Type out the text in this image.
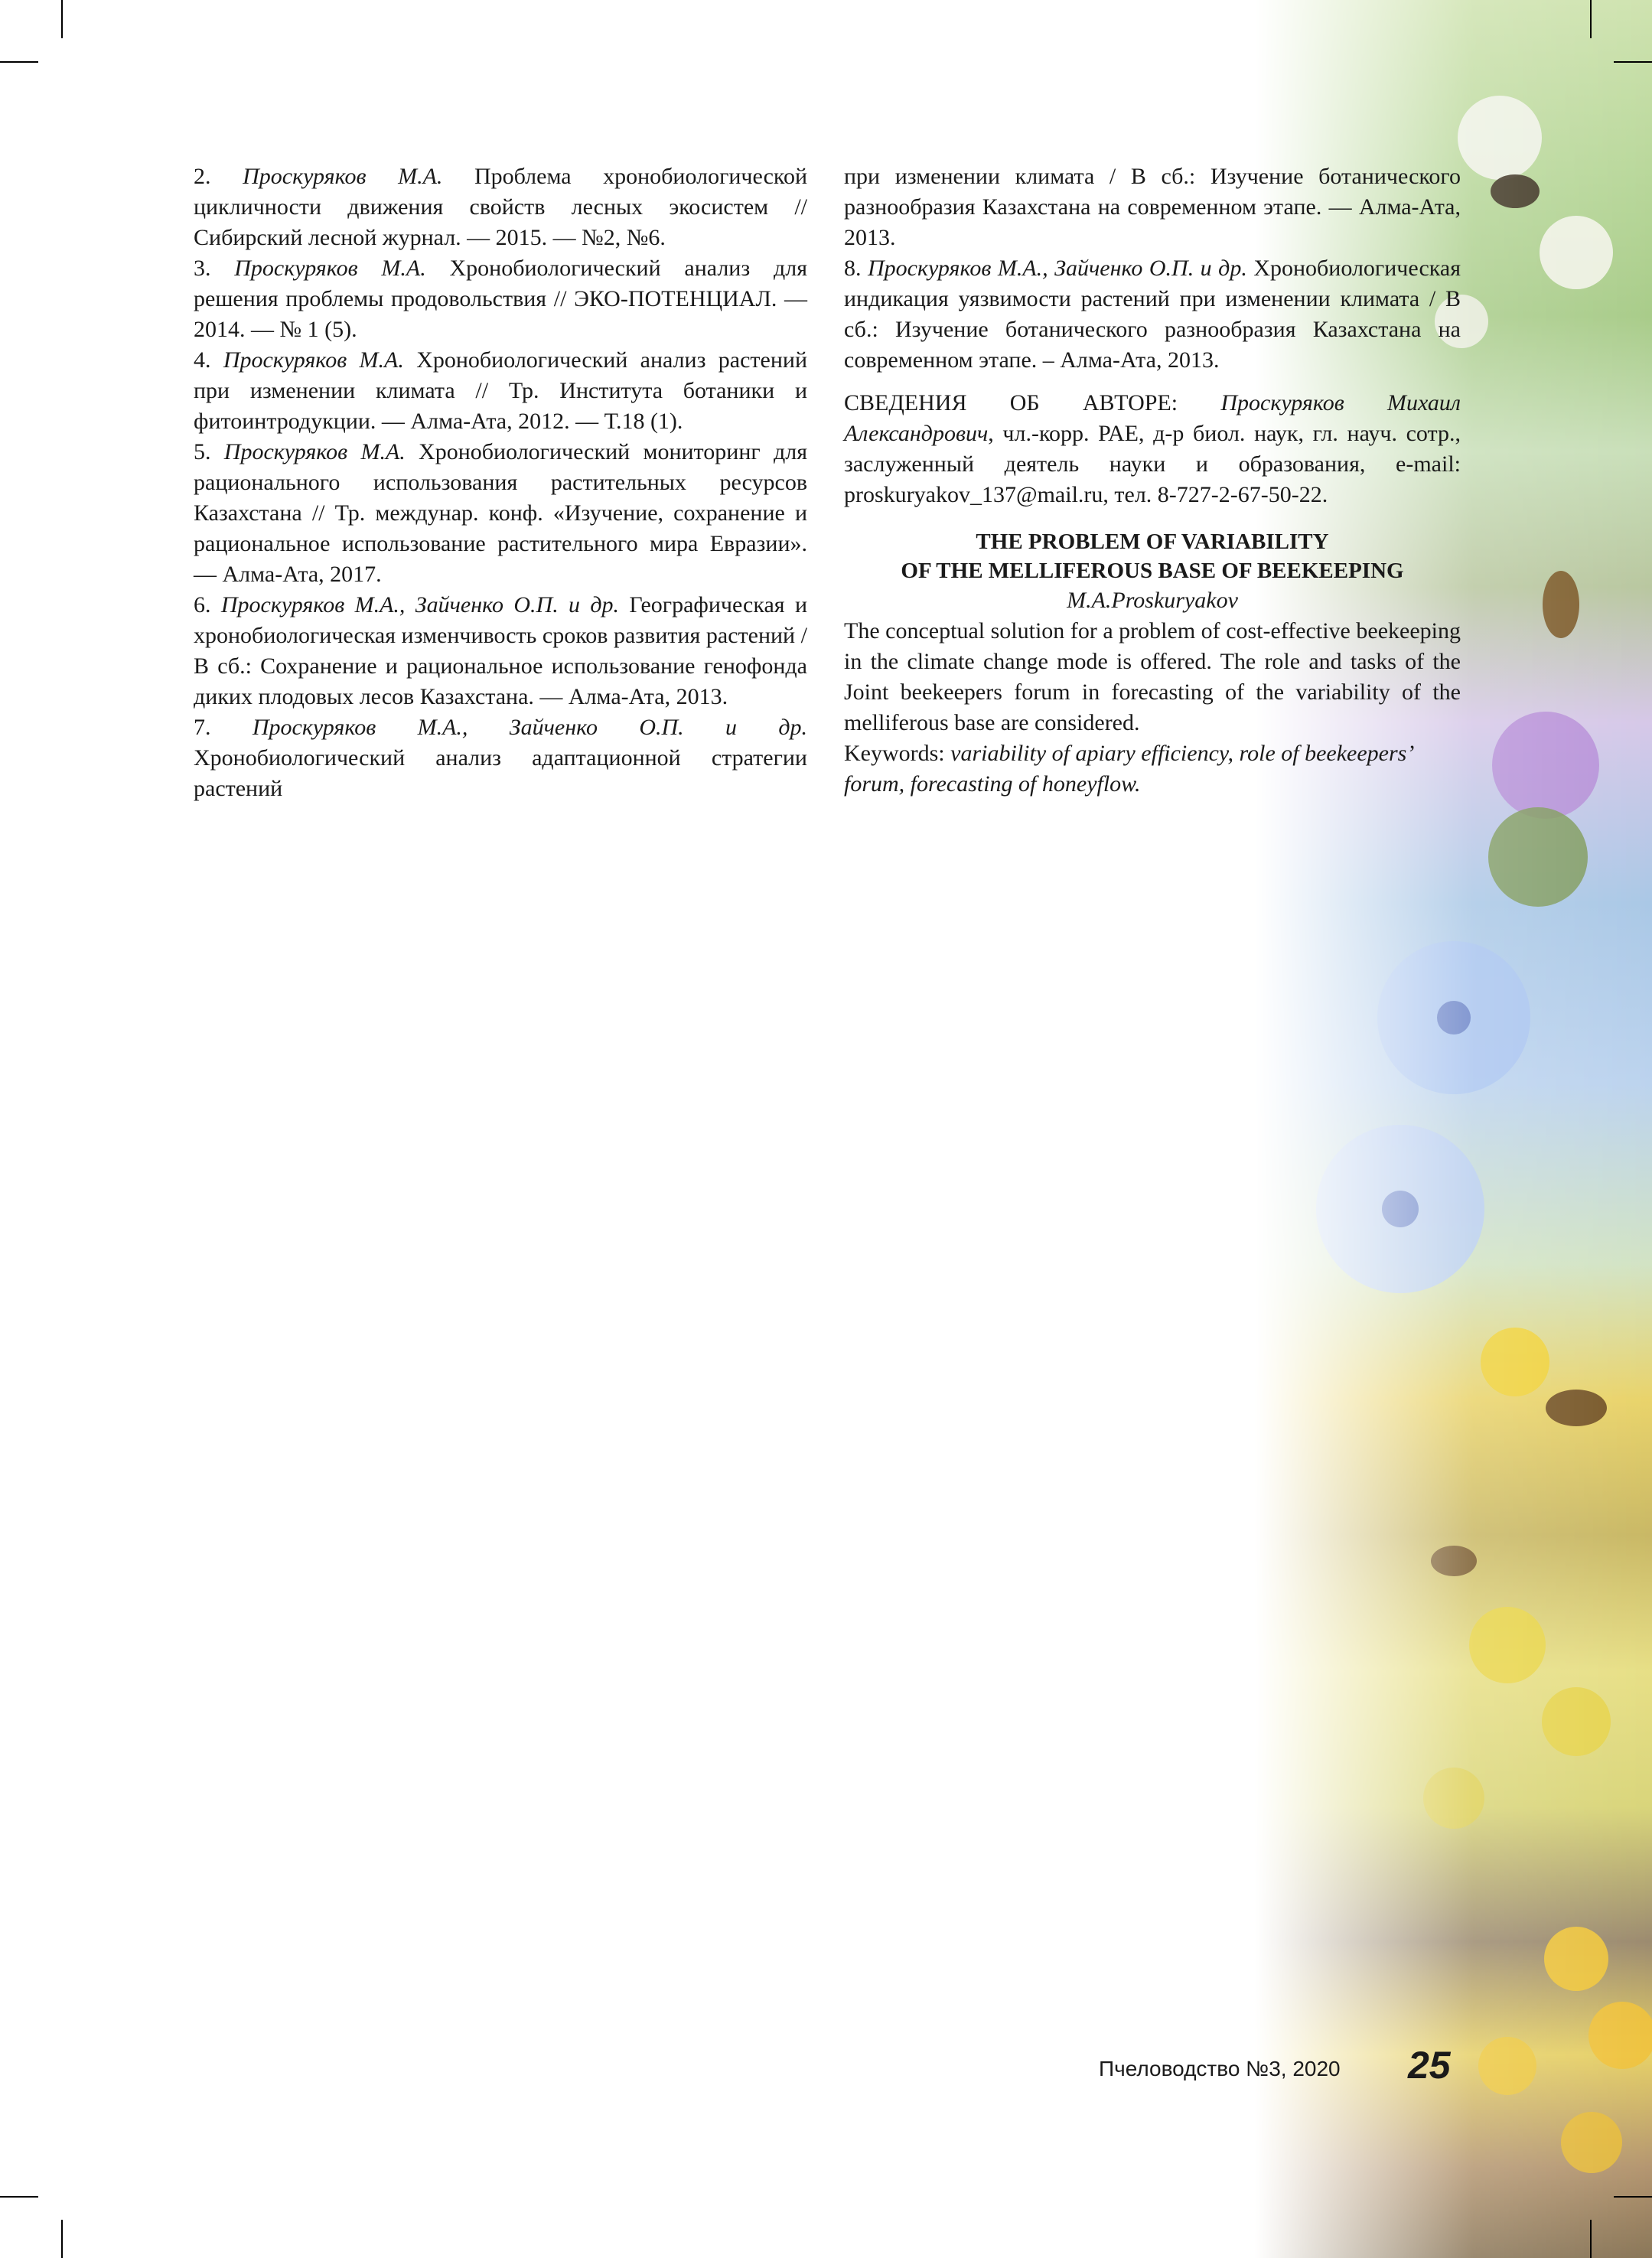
2. Проскуряков М.А. Проблема хронобиологической цикличности движения свойств лесных экосистем // Сибирский лесной журнал. — 2015. — №2, №6.

3. Проскуряков М.А. Хронобиологический анализ для решения проблемы продовольствия // ЭКО-ПОТЕНЦИАЛ. — 2014. — № 1 (5).

4. Проскуряков М.А. Хронобиологический анализ растений при изменении климата // Тр. Института ботаники и фитоинтродукции. — Алма-Ата, 2012. — Т.18 (1).

5. Проскуряков М.А. Хронобиологический мониторинг для рационального использования растительных ресурсов Казахстана // Тр. междунар. конф. «Изучение, сохранение и рациональное использование растительного мира Евразии». — Алма-Ата, 2017.

6. Проскуряков М.А., Зайченко О.П. и др. Географическая и хронобиологическая изменчивость сроков развития растений / В сб.: Сохранение и рациональное использование генофонда диких плодовых лесов Казахстана. — Алма-Ата, 2013.

7. Проскуряков М.А., Зайченко О.П. и др. Хронобиологический анализ адаптационной стратегии растений

при изменении климата / В сб.: Изучение ботанического разнообразия Казахстана на современном этапе. — Алма-Ата, 2013.

8. Проскуряков М.А., Зайченко О.П. и др. Хронобиологическая индикация уязвимости растений при изменении климата / В сб.: Изучение ботанического разнообразия Казахстана на современном этапе. – Алма-Ата, 2013.

СВЕДЕНИЯ ОБ АВТОРЕ: Проскуряков Михаил Александрович, чл.-корр. РАЕ, д-р биол. наук, гл. науч. сотр., заслуженный деятель науки и образования, e-mail: proskuryakov_137@mail.ru, тел. 8-727-2-67-50-22.

THE PROBLEM OF VARIABILITY
OF THE MELLIFEROUS BASE OF BEEKEEPING

M.A.Proskuryakov

The conceptual solution for a problem of cost-effective beekeeping in the climate change mode is offered. The role and tasks of the Joint beekeepers forum in forecasting of the variability of the melliferous base are considered.

Keywords: variability of apiary efficiency, role of beekeepers’ forum, forecasting of honeyflow.

Пчеловодство №3, 2020 25
